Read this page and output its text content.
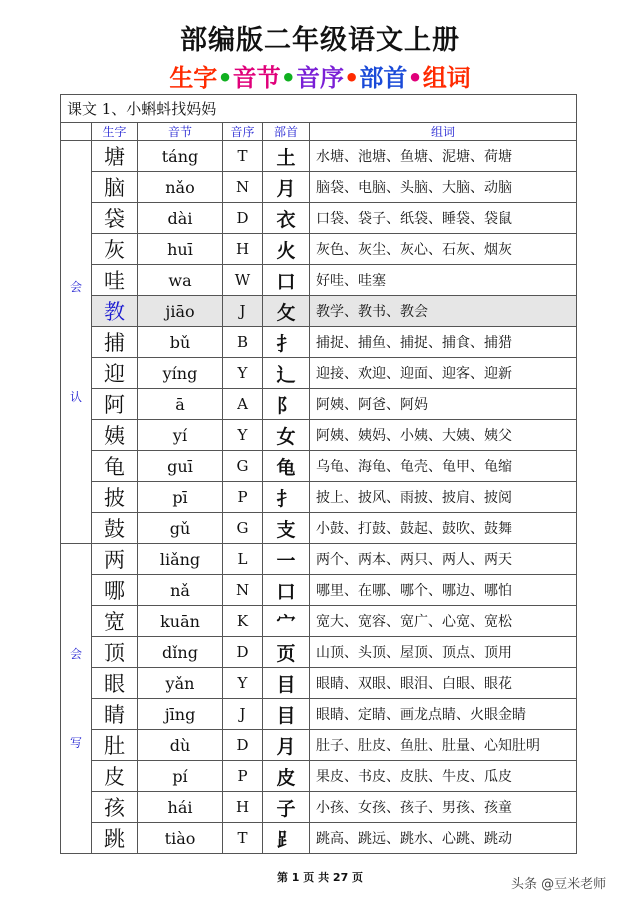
部编版二年级语文上册
生字•音节•音序•部首•组词
课文 1、小蝌蚪找妈妈					
	生字	音节	音序	部首	组词

会
认	塘	táng	T	土	水塘、池塘、鱼塘、泥塘、荷塘
	脑	nǎo	N	月	脑袋、电脑、头脑、大脑、动脑
	袋	dài	D	衣	口袋、袋子、纸袋、睡袋、袋鼠
	灰	huī	H	火	灰色、灰尘、灰心、石灰、烟灰
	哇	wa	W	口	好哇、哇塞
	教	jiāo	J	攵	教学、教书、教会
	捕	bǔ	B	扌	捕捉、捕鱼、捕捉、捕食、捕猎
	迎	yíng	Y	辶	迎接、欢迎、迎面、迎客、迎新
	阿	ā	A	阝	阿姨、阿爸、阿妈
	姨	yí	Y	女	阿姨、姨妈、小姨、大姨、姨父
	龟	guī	G	龟	乌龟、海龟、龟壳、龟甲、龟缩
	披	pī	P	扌	披上、披风、雨披、披肩、披阅
	鼓	gǔ	G	支	小鼓、打鼓、鼓起、鼓吹、鼓舞

会
写	两	liǎng	L	一	两个、两本、两只、两人、两天
	哪	nǎ	N	口	哪里、在哪、哪个、哪边、哪怕
	宽	kuān	K	宀	宽大、宽容、宽广、心宽、宽松
	顶	dǐng	D	页	山顶、头顶、屋顶、顶点、顶用
	眼	yǎn	Y	目	眼睛、双眼、眼泪、白眼、眼花
	睛	jīng	J	目	眼睛、定睛、画龙点睛、火眼金睛
	肚	dù	D	月	肚子、肚皮、鱼肚、肚量、心知肚明
	皮	pí	P	皮	果皮、书皮、皮肤、牛皮、瓜皮
	孩	hái	H	子	小孩、女孩、孩子、男孩、孩童
	跳	tiào	T	⻊	跳高、跳远、跳水、心跳、跳动
第 1 页 共 27 页	头条 @豆米老师
